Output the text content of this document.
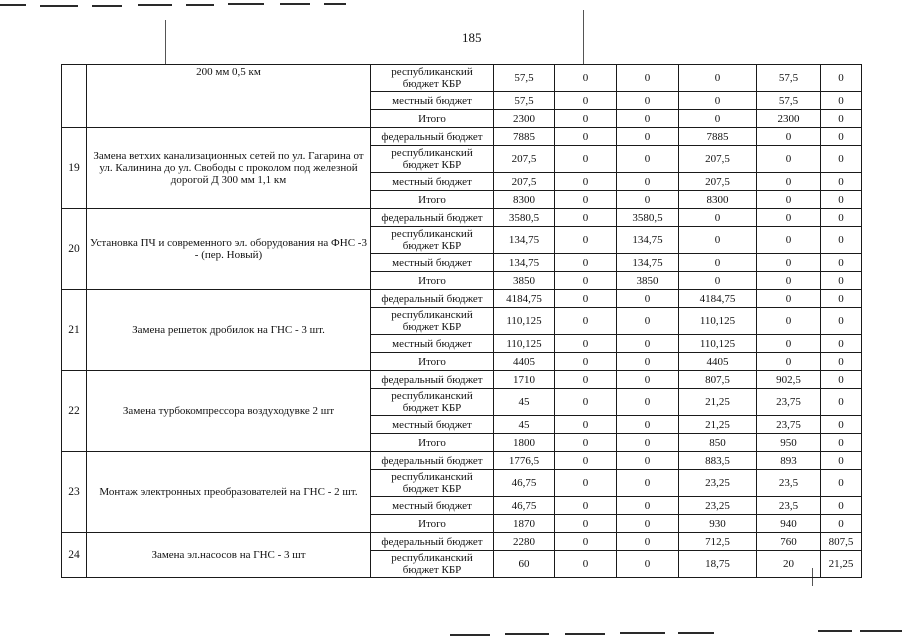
185
	200 мм 0,5 км	республиканский бюджет КБР	57,5	0	0	0	57,5	0
		местный бюджет	57,5	0	0	0	57,5	0
		Итого	2300	0	0	0	2300	0
19	Замена ветхих канализационных сетей по ул. Гагарина от ул. Калинина до ул. Свободы с проколом под железной дорогой Д 300 мм 1,1 км	федеральный бюджет	7885	0	0	7885	0	0
		республиканский бюджет КБР	207,5	0	0	207,5	0	0
		местный бюджет	207,5	0	0	207,5	0	0
		Итого	8300	0	0	8300	0	0
20	Установка ПЧ и современного эл. оборудования на ФНС -3 - (пер. Новый)	федеральный бюджет	3580,5	0	3580,5	0	0	0
		республиканский бюджет КБР	134,75	0	134,75	0	0	0
		местный бюджет	134,75	0	134,75	0	0	0
		Итого	3850	0	3850	0	0	0
21	Замена решеток дробилок на ГНС - 3 шт.	федеральный бюджет	4184,75	0	0	4184,75	0	0
		республиканский бюджет КБР	110,125	0	0	110,125	0	0
		местный бюджет	110,125	0	0	110,125	0	0
		Итого	4405	0	0	4405	0	0
22	Замена турбокомпрессора воздуходувке 2 шт	федеральный бюджет	1710	0	0	807,5	902,5	0
		республиканский бюджет КБР	45	0	0	21,25	23,75	0
		местный бюджет	45	0	0	21,25	23,75	0
		Итого	1800	0	0	850	950	0
23	Монтаж электронных преобразователей на ГНС - 2 шт.	федеральный бюджет	1776,5	0	0	883,5	893	0
		республиканский бюджет КБР	46,75	0	0	23,25	23,5	0
		местный бюджет	46,75	0	0	23,25	23,5	0
		Итого	1870	0	0	930	940	0
24	Замена эл.насосов на ГНС - 3 шт	федеральный бюджет	2280	0	0	712,5	760	807,5
		республиканский бюджет КБР	60	0	0	18,75	20	21,25
